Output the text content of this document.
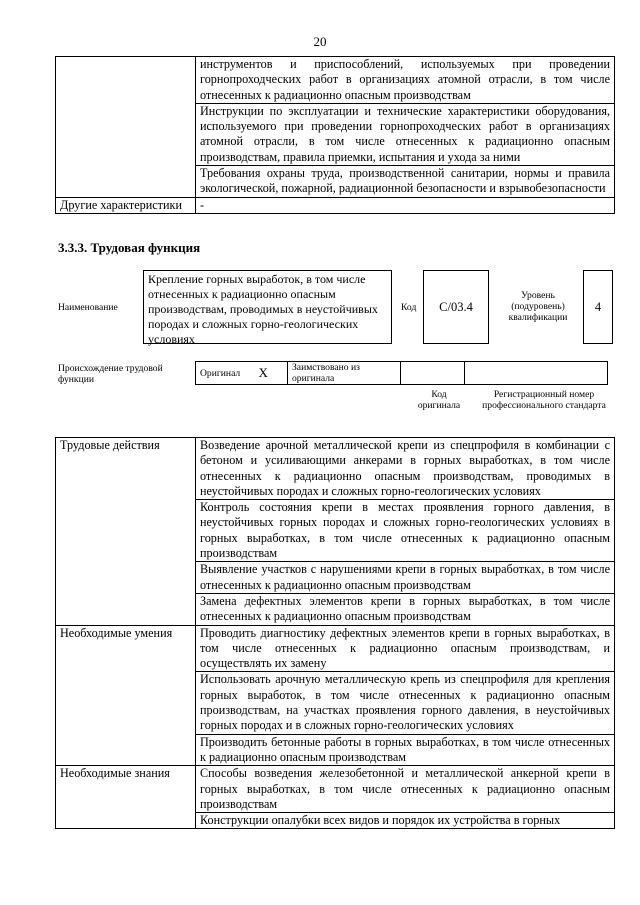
20
	инструментов и приспособлений, используемых при проведении горнопроходческих работ в организациях атомной отрасли, в том числе отнесенных к радиационно опасным производствам
	Инструкции по эксплуатации и технические характеристики оборудования, используемого при проведении горнопроходческих работ в организациях атомной отрасли, в том числе отнесенных к радиационно опасным производствам, правила приемки, испытания и ухода за ними
	Требования охраны труда, производственной санитарии, нормы и правила экологической, пожарной, радиационной безопасности и взрывобезопасности
Другие характеристики	-
3.3.3. Трудовая функция
Наименование
Крепление горных выработок, в том числе отнесенных к радиационно опасным производствам, проводимых в неустойчивых породах и сложных горно-геологических условиях
Код	C/03.4
Уровень (подуровень) квалификации
4
Происхождение трудовой функции
Оригинал	X	Заимствовано из оригинала		
Код оригинала
Регистрационный номер профессионального стандарта
Трудовые действия	Возведение арочной металлической крепи из спецпрофиля в комбинации с бетоном и усиливающими анкерами в горных выработках, в том числе отнесенных к радиационно опасным производствам, проводимых в неустойчивых породах и сложных горно-геологических условиях
	Контроль состояния крепи в местах проявления горного давления, в неустойчивых горных породах и сложных горно-геологических условиях в горных выработках, в том числе отнесенных к радиационно опасным производствам
	Выявление участков с нарушениями крепи в горных выработках, в том числе отнесенных к радиационно опасным производствам
	Замена дефектных элементов крепи в горных выработках, в том числе отнесенных к радиационно опасным производствам
Необходимые умения	Проводить диагностику дефектных элементов крепи в горных выработках, в том числе отнесенных к радиационно опасным производствам, и осуществлять их замену
	Использовать арочную металлическую крепь из спецпрофиля для крепления горных выработок, в том числе отнесенных к радиационно опасным производствам, на участках проявления горного давления, в неустойчивых горных породах и в сложных горно-геологических условиях
	Производить бетонные работы в горных выработках, в том числе отнесенных к радиационно опасным производствам
Необходимые знания	Способы возведения железобетонной и металлической анкерной крепи в горных выработках, в том числе отнесенных к радиационно опасным производствам
	Конструкции опалубки всех видов и порядок их устройства в горных
